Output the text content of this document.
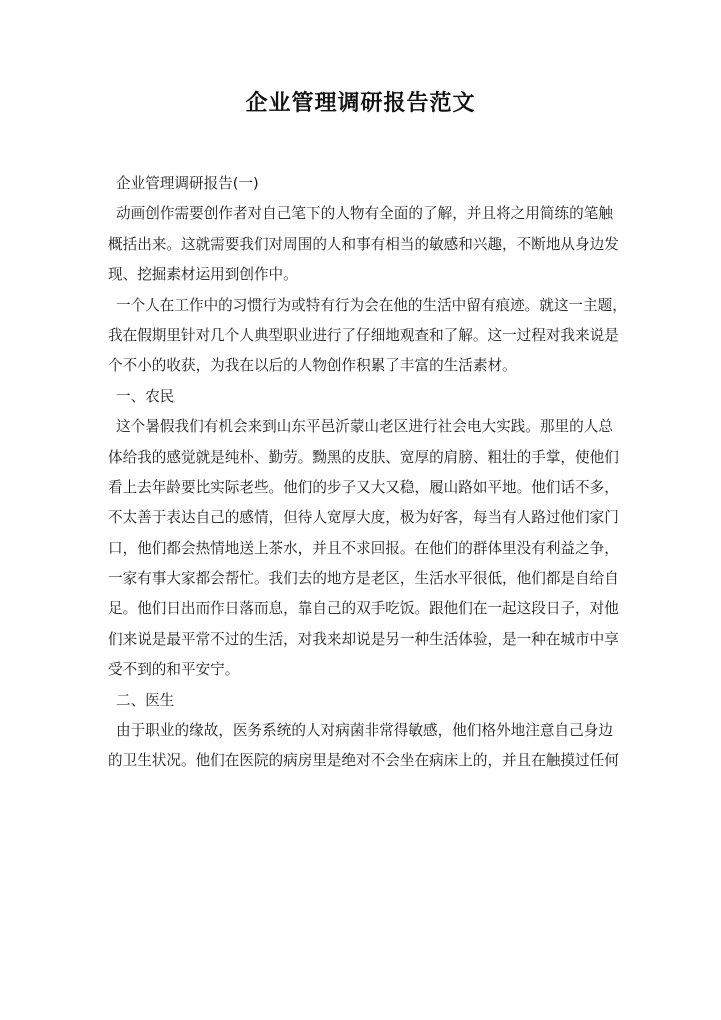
企业管理调研报告范文
企业管理调研报告(一)
动画创作需要创作者对自己笔下的人物有全面的了解，并且将之用简练的笔触
概括出来。这就需要我们对周围的人和事有相当的敏感和兴趣，不断地从身边发
现、挖掘素材运用到创作中。
一个人在工作中的习惯行为或特有行为会在他的生活中留有痕迹。就这一主题，
我在假期里针对几个人典型职业进行了仔细地观查和了解。这一过程对我来说是
个不小的收获，为我在以后的人物创作积累了丰富的生活素材。
一、农民
这个暑假我们有机会来到山东平邑沂蒙山老区进行社会电大实践。那里的人总
体给我的感觉就是纯朴、勤劳。黝黑的皮肤、宽厚的肩膀、粗壮的手掌，使他们
看上去年龄要比实际老些。他们的步子又大又稳，履山路如平地。他们话不多，
不太善于表达自己的感情，但待人宽厚大度，极为好客，每当有人路过他们家门
口，他们都会热情地送上茶水，并且不求回报。在他们的群体里没有利益之争，
一家有事大家都会帮忙。我们去的地方是老区，生活水平很低，他们都是自给自
足。他们日出而作日落而息，靠自己的双手吃饭。跟他们在一起这段日子，对他
们来说是最平常不过的生活，对我来却说是另一种生活体验，是一种在城市中享
受不到的和平安宁。
二、医生
由于职业的缘故，医务系统的人对病菌非常得敏感，他们格外地注意自己身边
的卫生状况。他们在医院的病房里是绝对不会坐在病床上的，并且在触摸过任何
